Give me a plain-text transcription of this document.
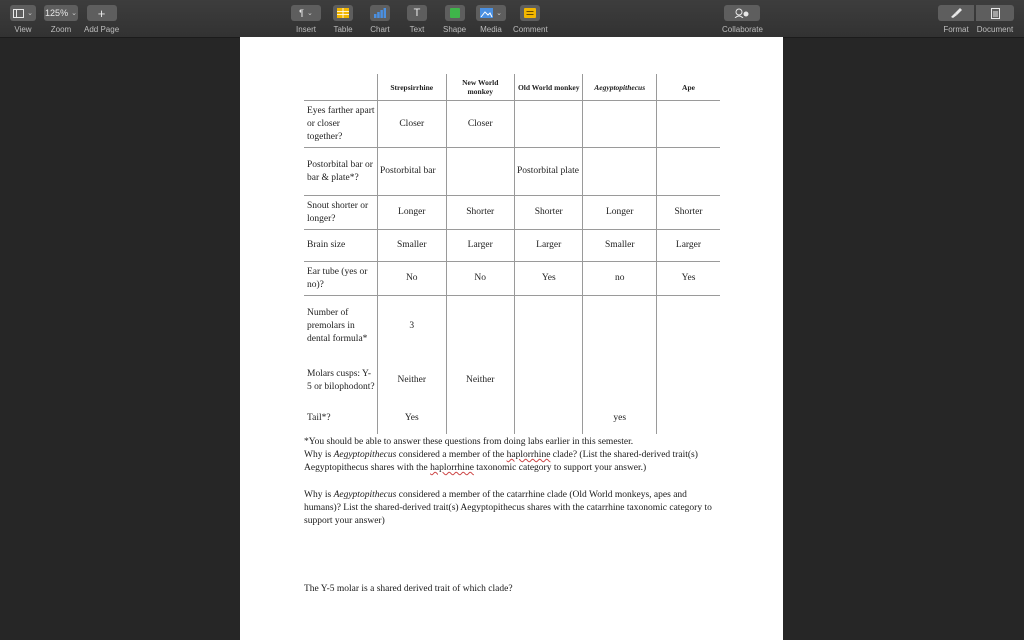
⌄
View
125% ⌄
Zoom
+
Add Page
¶ ⌄
Insert Table Chart
T
Text Shape
⌄
Media Comment	Collaborate	Format Document
	Strepsirrhine	New World monkey	Old World monkey	Aegyptopithecus	Ape
Eyes farther apart or closer together?	Closer	Closer			
Postorbital bar or bar & plate*?	Postorbital bar		Postorbital plate		
Snout shorter or longer?	Longer	Shorter	Shorter	Longer	Shorter
Brain size	Smaller	Larger	Larger	Smaller	Larger
Ear tube (yes or no)?	No	No	Yes	no	Yes
Number of premolars in dental formula*	3				
Molars cusps: Y-5 or bilophodont?	Neither	Neither			
Tail*?	Yes			yes	
*You should be able to answer these questions from doing labs earlier in this semester.
Why is Aegyptopithecus considered a member of the haplorrhine clade? (List the shared-derived trait(s) Aegyptopithecus shares with the haplorrhine taxonomic category to support your answer.)
Why is Aegyptopithecus considered a member of the catarrhine clade (Old World monkeys, apes and humans)? List the shared-derived trait(s) Aegyptopithecus shares with the catarrhine taxonomic category to support your answer)
The Y-5 molar is a shared derived trait of which clade?
